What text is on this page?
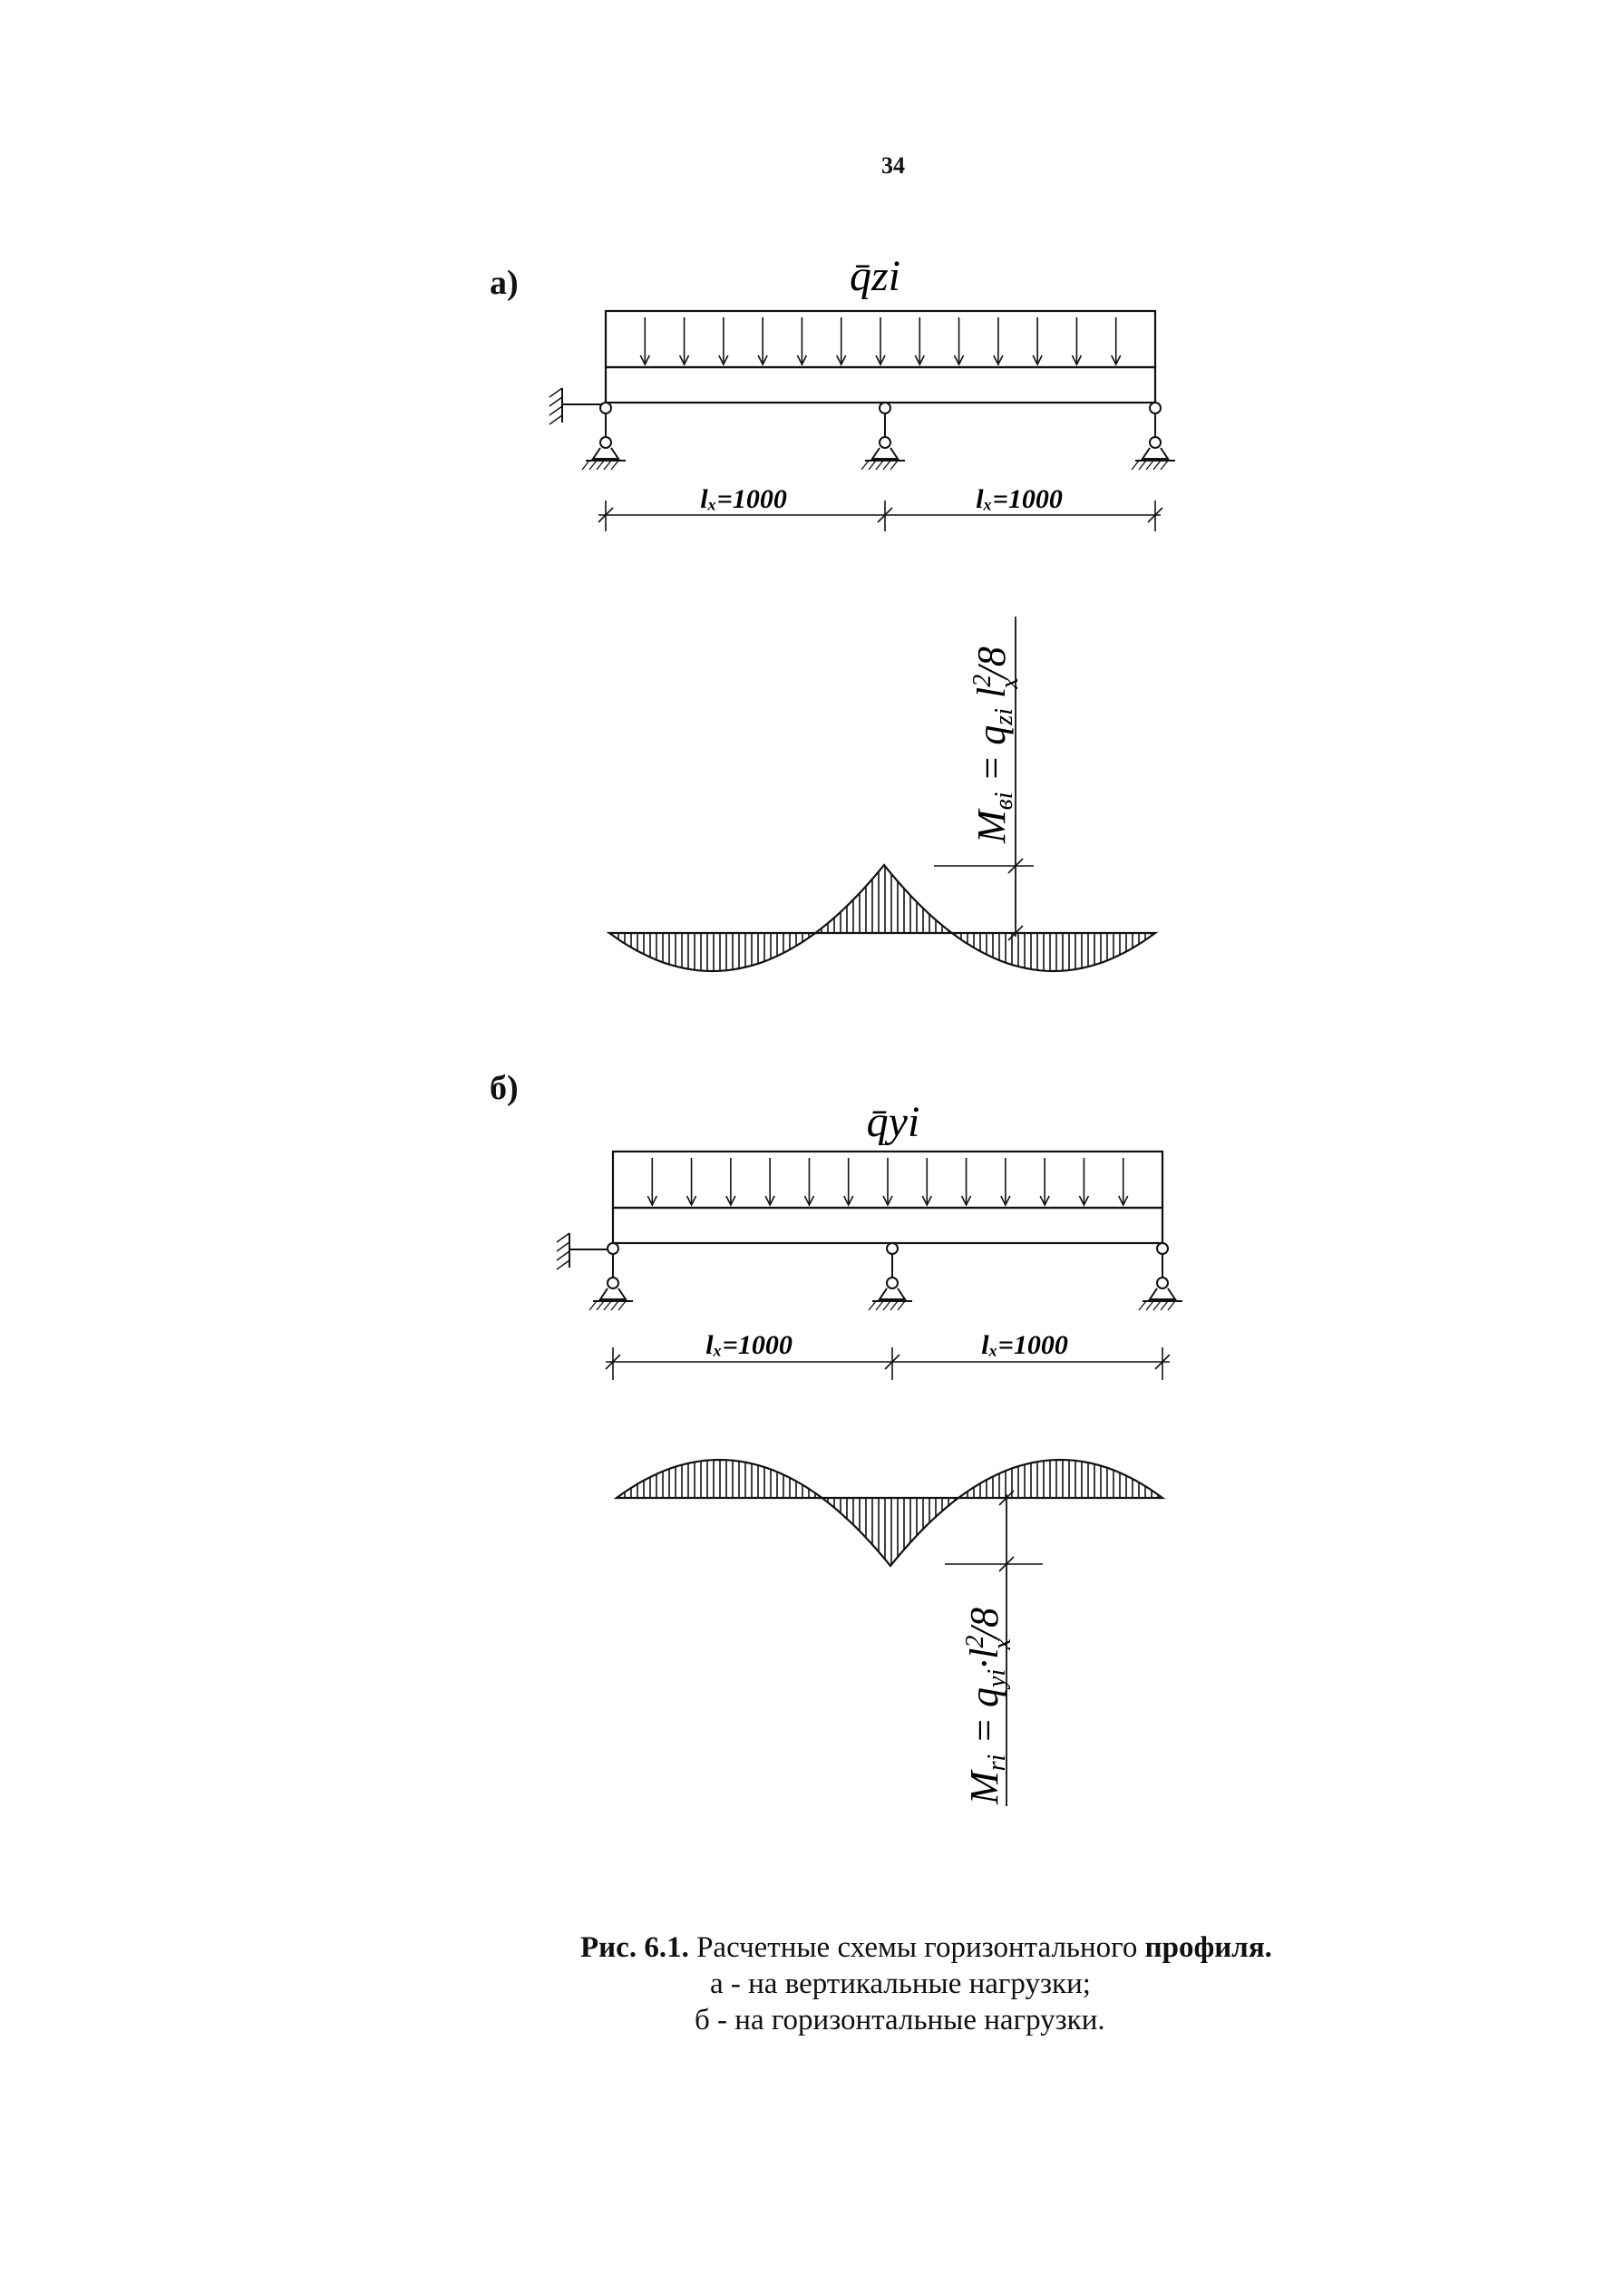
34
а)
б)
q̄zi
lₓ=1000	lₓ=1000
Mвi = qzi $l^2x/8$
q̄yi
lₓ=1000	lₓ=1000
Mri = $qyi\cdot l^2x/8$
Рис. 6.1. Расчетные схемы горизонтального профиля.
а - на вертикальные нагрузки;
б - на горизонтальные нагрузки.
